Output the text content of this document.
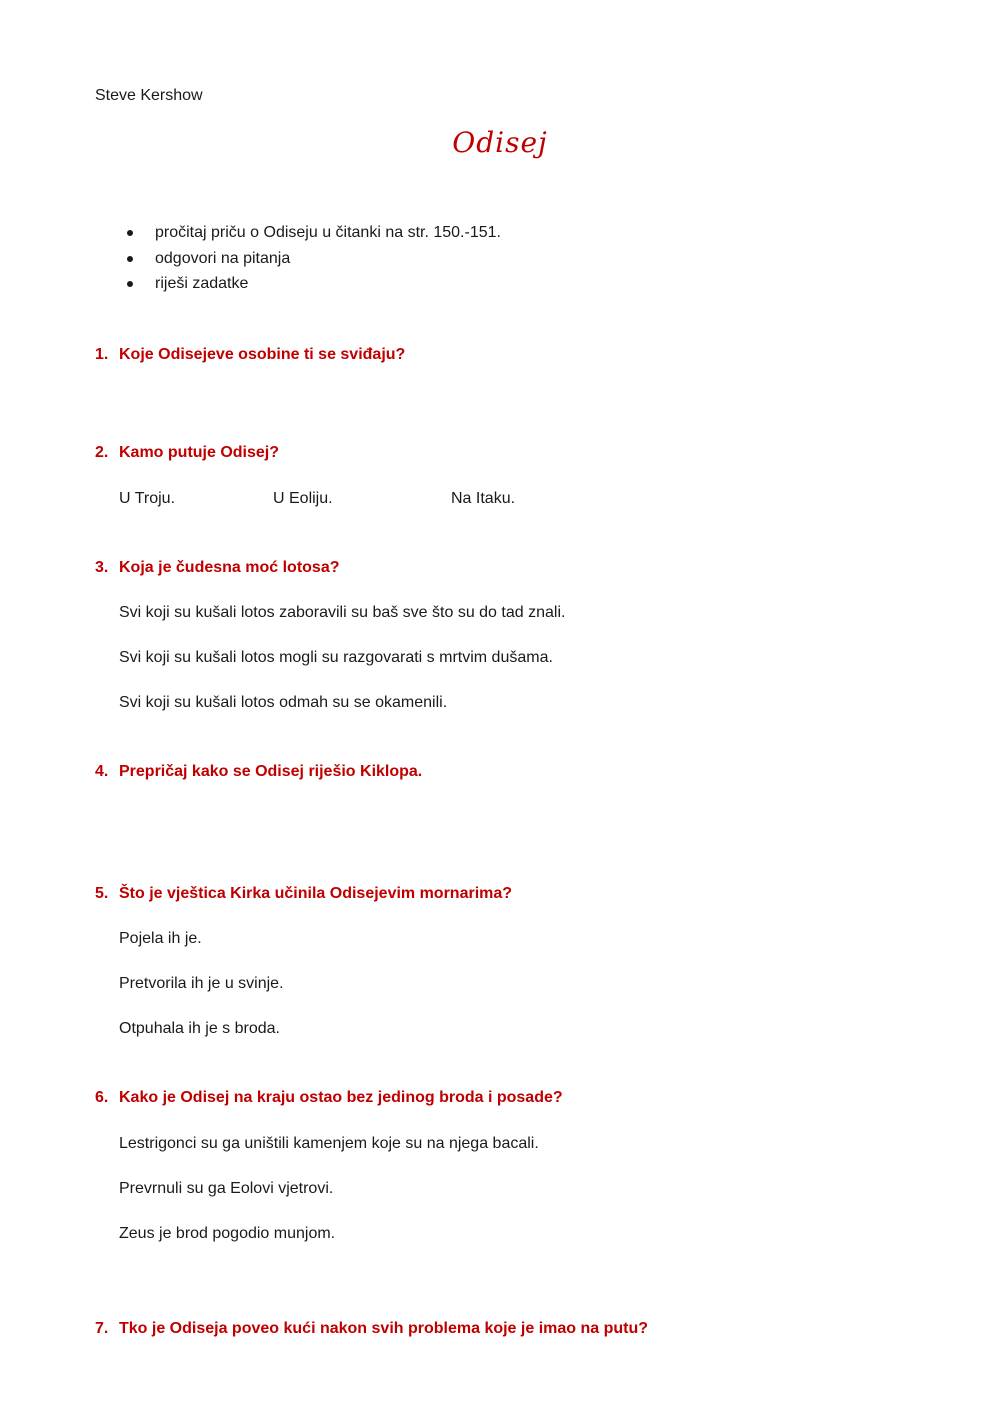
Steve Kershow
Odisej
pročitaj priču o Odiseju u čitanki na str. 150.-151.
odgovori na pitanja
riješi zadatke
1. Koje Odisejeve osobine ti se sviđaju?
2. Kamo putuje Odisej?
U Troju.	U Eoliju.	Na Itaku.
3. Koja je čudesna moć lotosa?
Svi koji su kušali lotos zaboravili su baš sve što su do tad znali.
Svi koji su kušali lotos mogli su razgovarati s mrtvim dušama.
Svi koji su kušali lotos odmah su se okamenili.
4. Prepričaj kako se Odisej riješio Kiklopa.
5. Što je vještica Kirka učinila Odisejevim mornarima?
Pojela ih je.
Pretvorila ih je u svinje.
Otpuhala ih je s broda.
6. Kako je Odisej na kraju ostao bez jedinog broda i posade?
Lestrigonci su ga uništili kamenjem koje su na njega bacali.
Prevrnuli su ga Eolovi vjetrovi.
Zeus je brod pogodio munjom.
7. Tko je Odiseja poveo kući nakon svih problema koje je imao na putu?
